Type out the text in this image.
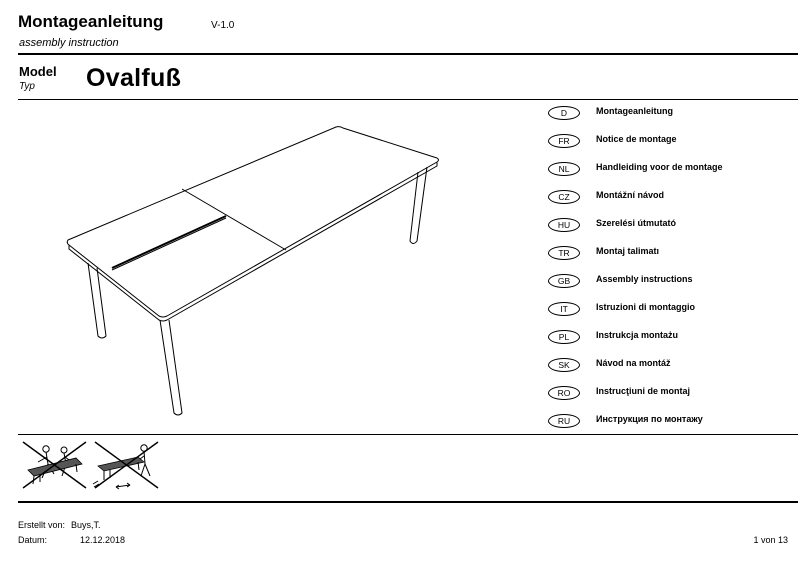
Montageanleitung	V-1.0
assembly instruction
Model
Typ Ovalfuß
D	Montageanleitung
FR	Notice de montage
NL	Handleiding voor de montage
CZ	Montážní návod
HU	Szerelési útmutató
TR	Montaj talimatı
GB	Assembly instructions
IT	Istruzioni di montaggio
PL	Instrukcja montażu
SK	Návod na montáž
RO	Instrucţiuni de montaj
RU	Инструкция по монтажу
Erstellt von: Buys,T.
Datum:	12.12.2018	1 von 13
